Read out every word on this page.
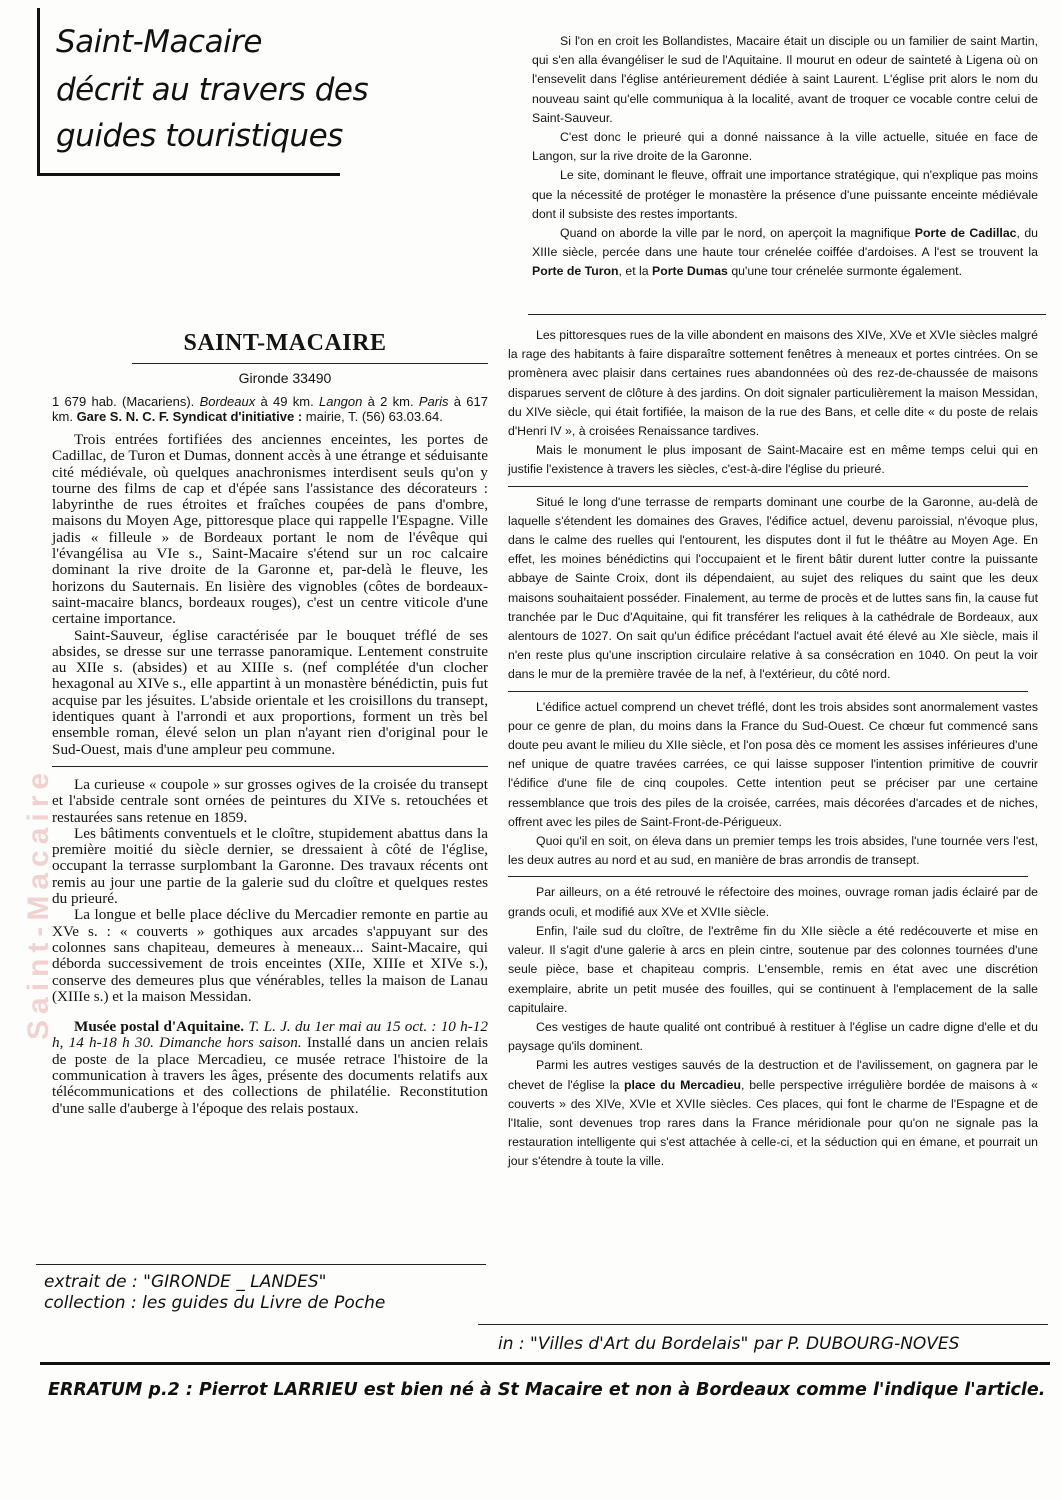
Saint-Macaire
décrit au travers des
guides touristiques
Saint-Macaire

Si l'on en croit les Bollandistes, Macaire était un disciple ou un familier de saint Martin, qui s'en alla évangéliser le sud de l'Aquitaine. Il mourut en odeur de sainteté à Ligena où on l'ensevelit dans l'église antérieurement dédiée à saint Laurent. L'église prit alors le nom du nouveau saint qu'elle communiqua à la localité, avant de troquer ce vocable contre celui de Saint-Sauveur.

C'est donc le prieuré qui a donné naissance à la ville actuelle, située en face de Langon, sur la rive droite de la Garonne.

Le site, dominant le fleuve, offrait une importance stratégique, qui n'explique pas moins que la nécessité de protéger le monastère la présence d'une puissante enceinte médiévale dont il subsiste des restes importants.

Quand on aborde la ville par le nord, on aperçoit la magnifique Porte de Cadillac, du XIIIe siècle, percée dans une haute tour crénelée coiffée d'ardoises. A l'est se trouvent la Porte de Turon, et la Porte Dumas qu'une tour crénelée surmonte également.

SAINT-MACAIRE
Gironde 33490
1 679 hab. (Macariens). Bordeaux à 49 km. Langon à 2 km. Paris à 617 km. Gare S. N. C. F. Syndicat d'initiative : mairie, T. (56) 63.03.64.

Trois entrées fortifiées des anciennes enceintes, les portes de Cadillac, de Turon et Dumas, donnent accès à une étrange et séduisante cité médiévale, où quelques anachronismes interdisent seuls qu'on y tourne des films de cap et d'épée sans l'assistance des décorateurs : labyrinthe de rues étroites et fraîches coupées de pans d'ombre, maisons du Moyen Age, pittoresque place qui rappelle l'Espagne. Ville jadis « filleule » de Bordeaux portant le nom de l'évêque qui l'évangélisa au VIe s., Saint-Macaire s'étend sur un roc calcaire dominant la rive droite de la Garonne et, par-delà le fleuve, les horizons du Sauternais. En lisière des vignobles (côtes de bordeaux-saint-macaire blancs, bordeaux rouges), c'est un centre viticole d'une certaine importance.

Saint-Sauveur, église caractérisée par le bouquet tréflé de ses absides, se dresse sur une terrasse panoramique. Lentement construite au XIIe s. (absides) et au XIIIe s. (nef complétée d'un clocher hexagonal au XIVe s., elle appartint à un monastère bénédictin, puis fut acquise par les jésuites. L'abside orientale et les croisillons du transept, identiques quant à l'arrondi et aux proportions, forment un très bel ensemble roman, élevé selon un plan n'ayant rien d'original pour le Sud-Ouest, mais d'une ampleur peu commune.

La curieuse « coupole » sur grosses ogives de la croisée du transept et l'abside centrale sont ornées de peintures du XIVe s. retouchées et restaurées sans retenue en 1859.

Les bâtiments conventuels et le cloître, stupidement abattus dans la première moitié du siècle dernier, se dressaient à côté de l'église, occupant la terrasse surplombant la Garonne. Des travaux récents ont remis au jour une partie de la galerie sud du cloître et quelques restes du prieuré.

La longue et belle place déclive du Mercadier remonte en partie au XVe s. : « couverts » gothiques aux arcades s'appuyant sur des colonnes sans chapiteau, demeures à meneaux... Saint-Macaire, qui déborda successivement de trois enceintes (XIIe, XIIIe et XIVe s.), conserve des demeures plus que vénérables, telles la maison de Lanau (XIIIe s.) et la maison Messidan.

Musée postal d'Aquitaine. T. L. J. du 1er mai au 15 oct. : 10 h-12 h, 14 h-18 h 30. Dimanche hors saison. Installé dans un ancien relais de poste de la place Mercadieu, ce musée retrace l'histoire de la communication à travers les âges, présente des documents relatifs aux télécommunications et des collections de philatélie. Reconstitution d'une salle d'auberge à l'époque des relais postaux.

extrait de : "GIRONDE _ LANDES"
collection : les guides du Livre de Poche

Les pittoresques rues de la ville abondent en maisons des XIVe, XVe et XVIe siècles malgré la rage des habitants à faire disparaître sottement fenêtres à meneaux et portes cintrées. On se promènera avec plaisir dans certaines rues abandonnées où des rez-de-chaussée de maisons disparues servent de clôture à des jardins. On doit signaler particulièrement la maison Messidan, du XIVe siècle, qui était fortifiée, la maison de la rue des Bans, et celle dite « du poste de relais d'Henri IV », à croisées Renaissance tardives.

Mais le monument le plus imposant de Saint-Macaire est en même temps celui qui en justifie l'existence à travers les siècles, c'est-à-dire l'église du prieuré.

Situé le long d'une terrasse de remparts dominant une courbe de la Garonne, au-delà de laquelle s'étendent les domaines des Graves, l'édifice actuel, devenu paroissial, n'évoque plus, dans le calme des ruelles qui l'entourent, les disputes dont il fut le théâtre au Moyen Age. En effet, les moines bénédictins qui l'occupaient et le firent bâtir durent lutter contre la puissante abbaye de Sainte Croix, dont ils dépendaient, au sujet des reliques du saint que les deux maisons souhaitaient posséder. Finalement, au terme de procès et de luttes sans fin, la cause fut tranchée par le Duc d'Aquitaine, qui fit transférer les reliques à la cathédrale de Bordeaux, aux alentours de 1027. On sait qu'un édifice précédant l'actuel avait été élevé au XIe siècle, mais il n'en reste plus qu'une inscription circulaire relative à sa consécration en 1040. On peut la voir dans le mur de la première travée de la nef, à l'extérieur, du côté nord.

L'édifice actuel comprend un chevet tréflé, dont les trois absides sont anormalement vastes pour ce genre de plan, du moins dans la France du Sud-Ouest. Ce chœur fut commencé sans doute peu avant le milieu du XIIe siècle, et l'on posa dès ce moment les assises inférieures d'une nef unique de quatre travées carrées, ce qui laisse supposer l'intention primitive de couvrir l'édifice d'une file de cinq coupoles. Cette intention peut se préciser par une certaine ressemblance que trois des piles de la croisée, carrées, mais décorées d'arcades et de niches, offrent avec les piles de Saint-Front-de-Périgueux.

Quoi qu'il en soit, on éleva dans un premier temps les trois absides, l'une tournée vers l'est, les deux autres au nord et au sud, en manière de bras arrondis de transept.

Par ailleurs, on a été retrouvé le réfectoire des moines, ouvrage roman jadis éclairé par de grands oculi, et modifié aux XVe et XVIIe siècle.

Enfin, l'aile sud du cloître, de l'extrême fin du XIIe siècle a été redécouverte et mise en valeur. Il s'agit d'une galerie à arcs en plein cintre, soutenue par des colonnes tournées d'une seule pièce, base et chapiteau compris. L'ensemble, remis en état avec une discrétion exemplaire, abrite un petit musée des fouilles, qui se continuent à l'emplacement de la salle capitulaire.

Ces vestiges de haute qualité ont contribué à restituer à l'église un cadre digne d'elle et du paysage qu'ils dominent.

Parmi les autres vestiges sauvés de la destruction et de l'avilissement, on gagnera par le chevet de l'église la place du Mercadieu, belle perspective irrégulière bordée de maisons à « couverts » des XIVe, XVIe et XVIIe siècles. Ces places, qui font le charme de l'Espagne et de l'Italie, sont devenues trop rares dans la France méridionale pour qu'on ne signale pas la restauration intelligente qui s'est attachée à celle-ci, et la séduction qui en émane, et pourrait un jour s'étendre à toute la ville.

in : "Villes d'Art du Bordelais" par P. DUBOURG-NOVES
ERRATUM p.2 : Pierrot LARRIEU est bien né à St Macaire et non à Bordeaux comme l'indique l'article.
